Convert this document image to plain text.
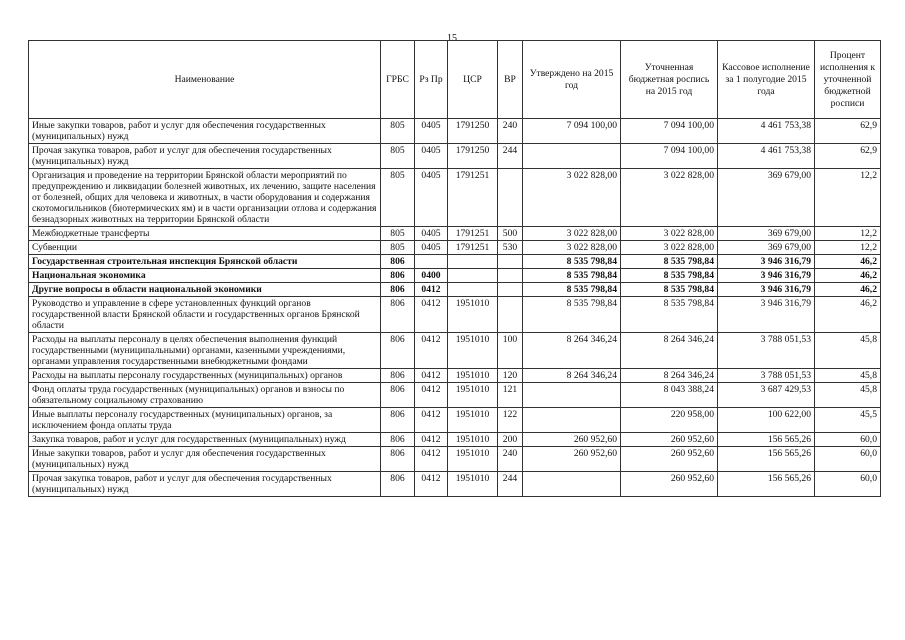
15
Наименование	ГРБС	Рз Пр	ЦСР	ВР	Утверждено на 2015 год	Уточненная бюджетная роспись на 2015 год	Кассовое исполнение за 1 полугодие 2015 года	Процент исполнения к уточненной бюджетной росписи
Иные закупки товаров, работ и услуг для обеспечения государственных (муниципальных) нужд	805	0405	1791250	240	7 094 100,00	7 094 100,00	4 461 753,38	62,9
Прочая закупка товаров, работ и услуг для обеспечения государственных (муниципальных) нужд	805	0405	1791250	244		7 094 100,00	4 461 753,38	62,9
Организация и проведение на территории Брянской области мероприятий по предупреждению и ликвидации болезней животных, их лечению, защите населения от болезней, общих для человека и животных, в части оборудования и содержания скотомогильников (биотермических ям) и в части организации отлова и содержания безнадзорных животных на территории Брянской области	805	0405	1791251		3 022 828,00	3 022 828,00	369 679,00	12,2
Межбюджетные трансферты	805	0405	1791251	500	3 022 828,00	3 022 828,00	369 679,00	12,2
Субвенции	805	0405	1791251	530	3 022 828,00	3 022 828,00	369 679,00	12,2
Государственная строительная инспекция Брянской области	806				8 535 798,84	8 535 798,84	3 946 316,79	46,2
Национальная экономика	806	0400			8 535 798,84	8 535 798,84	3 946 316,79	46,2
Другие вопросы в области национальной экономики	806	0412			8 535 798,84	8 535 798,84	3 946 316,79	46,2
Руководство и управление в сфере установленных функций органов государственной власти Брянской области и государственных органов Брянской области	806	0412	1951010		8 535 798,84	8 535 798,84	3 946 316,79	46,2
Расходы на выплаты персоналу в целях обеспечения выполнения функций государственными (муниципальными) органами, казенными учреждениями, органами управления государственными внебюджетными фондами	806	0412	1951010	100	8 264 346,24	8 264 346,24	3 788 051,53	45,8
Расходы на выплаты персоналу государственных (муниципальных) органов	806	0412	1951010	120	8 264 346,24	8 264 346,24	3 788 051,53	45,8
Фонд оплаты труда государственных (муниципальных) органов и взносы по обязательному социальному страхованию	806	0412	1951010	121		8 043 388,24	3 687 429,53	45,8
Иные выплаты персоналу государственных (муниципальных) органов, за исключением фонда оплаты труда	806	0412	1951010	122		220 958,00	100 622,00	45,5
Закупка товаров, работ и услуг для государственных (муниципальных) нужд	806	0412	1951010	200	260 952,60	260 952,60	156 565,26	60,0
Иные закупки товаров, работ и услуг для обеспечения государственных (муниципальных) нужд	806	0412	1951010	240	260 952,60	260 952,60	156 565,26	60,0
Прочая закупка товаров, работ и услуг для обеспечения государственных (муниципальных) нужд	806	0412	1951010	244		260 952,60	156 565,26	60,0
